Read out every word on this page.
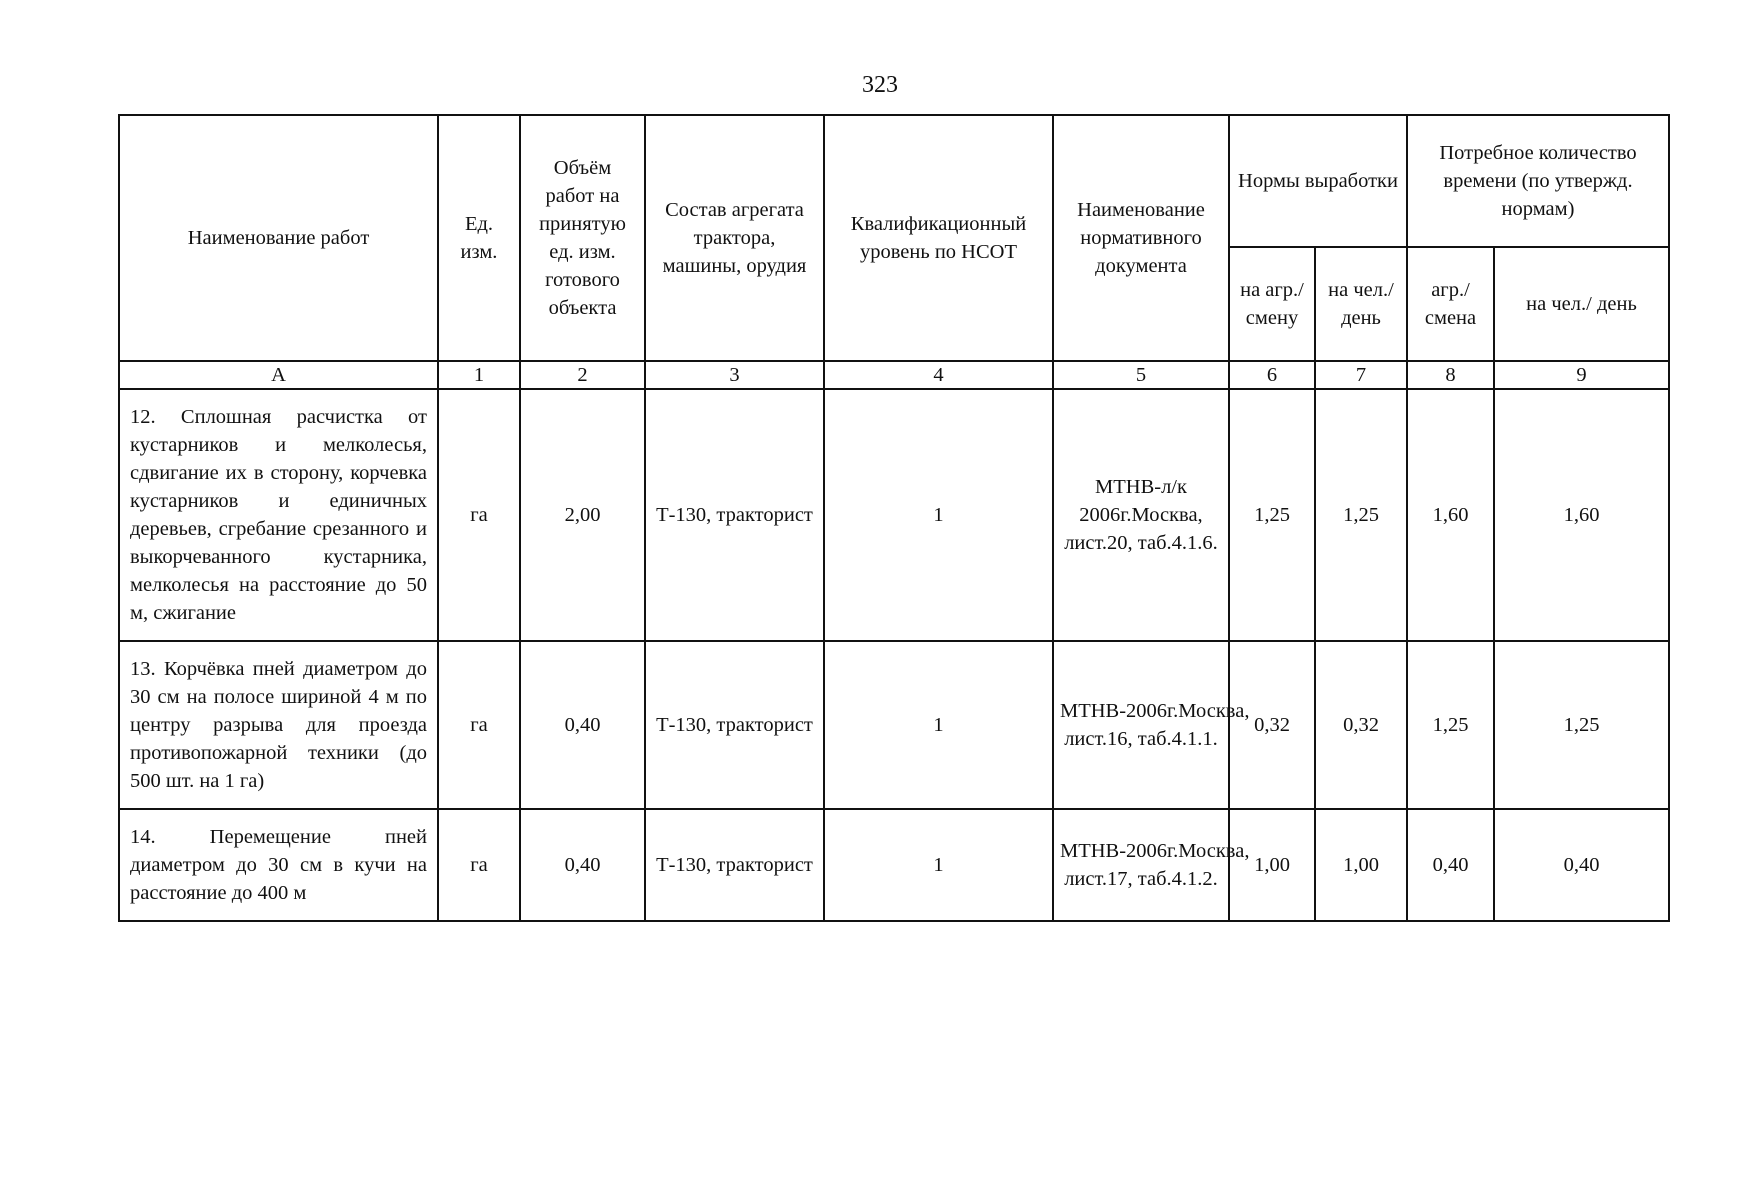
323
Наименование работ	Ед. изм.	Объём работ на принятую ед. изм. готового объекта	Состав агрегата трактора, машины, орудия	Квалификационный уровень по НСОТ	Наименование нормативного документа	Нормы выработки		Потребное количество времени (по утвержд. нормам)	
						на агр./ смену	на чел./ день	агр./ смена	на чел./ день
А	1	2	3	4	5	6	7	8	9
12. Сплошная расчистка от кустарников и мелколесья, сдвигание их в сторону, корчевка кустарников и единичных деревьев, сгребание срезанного и выкорчеванного кустарника, мелколесья на расстояние до 50 м, сжигание	га	2,00	Т-130, тракторист	1	МТНВ-л/к 2006г.Москва, лист.20, таб.4.1.6.	1,25	1,25	1,60	1,60
13. Корчёвка пней диаметром до 30 см на полосе шириной 4 м по центру разрыва для проезда противопожарной техники (до 500 шт. на 1 га)	га	0,40	Т-130, тракторист	1	МТНВ-2006г.Москва, лист.16, таб.4.1.1.	0,32	0,32	1,25	1,25
14. Перемещение пней диаметром до 30 см в кучи на расстояние до 400 м	га	0,40	Т-130, тракторист	1	МТНВ-2006г.Москва, лист.17, таб.4.1.2.	1,00	1,00	0,40	0,40
